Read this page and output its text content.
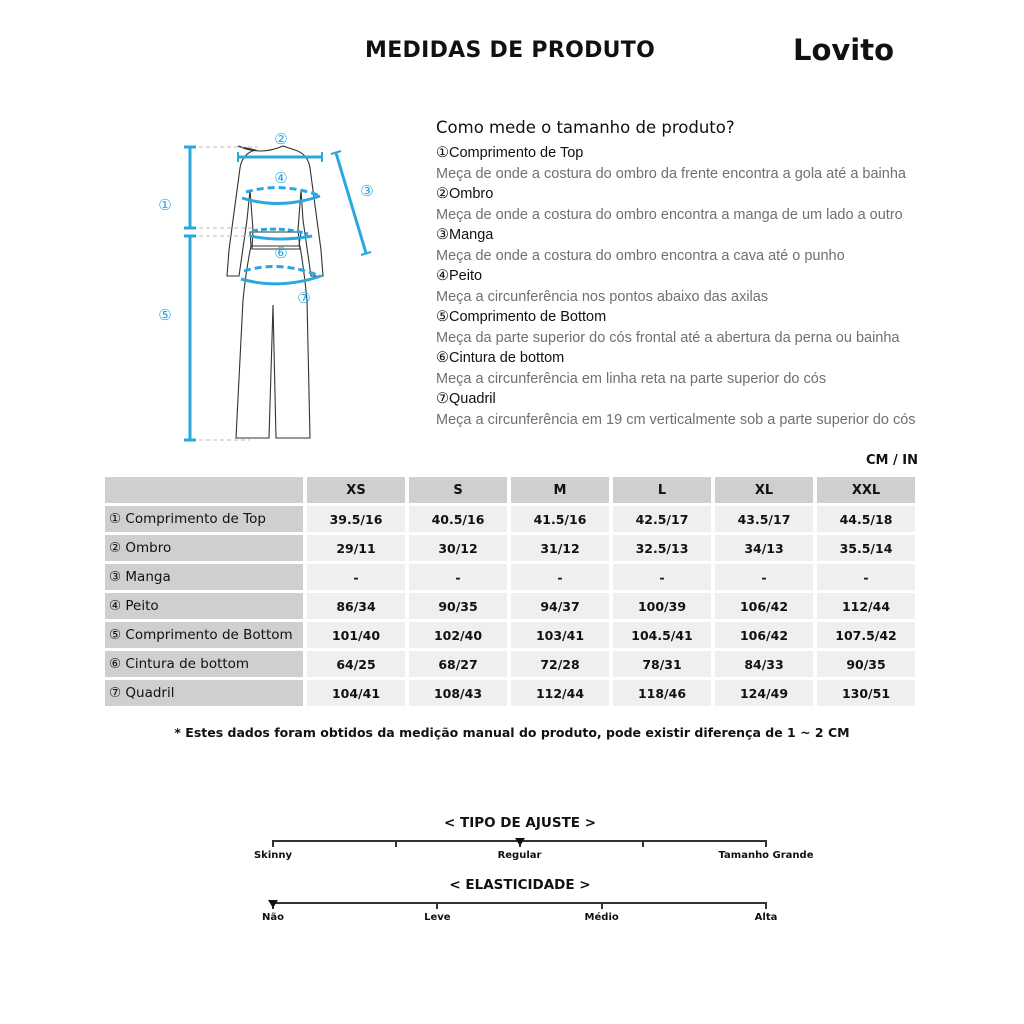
MEDIDAS DE PRODUTO	Lovito
②
③
④
①
⑥
⑦
⑤
Como mede o tamanho de produto?
①Comprimento de Top
Meça de onde a costura do ombro da frente encontra a gola até a bainha
②Ombro
Meça de onde a costura do ombro encontra a manga de um lado a outro
③Manga
Meça de onde a costura do ombro encontra a cava até o punho
④Peito
Meça a circunferência nos pontos abaixo das axilas
⑤Comprimento de Bottom
Meça da parte superior do cós frontal até a abertura da perna ou bainha
⑥Cintura de bottom
Meça a circunferência em linha reta na parte superior do cós
⑦Quadril
Meça a circunferência em 19 cm verticalmente sob a parte superior do cós
CM / IN
	XS	S	M	L	XL	XXL
① Comprimento de Top	39.5/16	40.5/16	41.5/16	42.5/17	43.5/17	44.5/18
② Ombro	29/11	30/12	31/12	32.5/13	34/13	35.5/14
③ Manga	-	-	-	-	-	-
④ Peito	86/34	90/35	94/37	100/39	106/42	112/44
⑤ Comprimento de Bottom	101/40	102/40	103/41	104.5/41	106/42	107.5/42
⑥ Cintura de bottom	64/25	68/27	72/28	78/31	84/33	90/35
⑦ Quadril	104/41	108/43	112/44	118/46	124/49	130/51
* Estes dados foram obtidos da medição manual do produto, pode existir diferença de 1 ~ 2 CM
< TIPO DE AJUSTE >
Skinny	Regular	Tamanho Grande
< ELASTICIDADE >
Não	Leve	Médio	Alta
